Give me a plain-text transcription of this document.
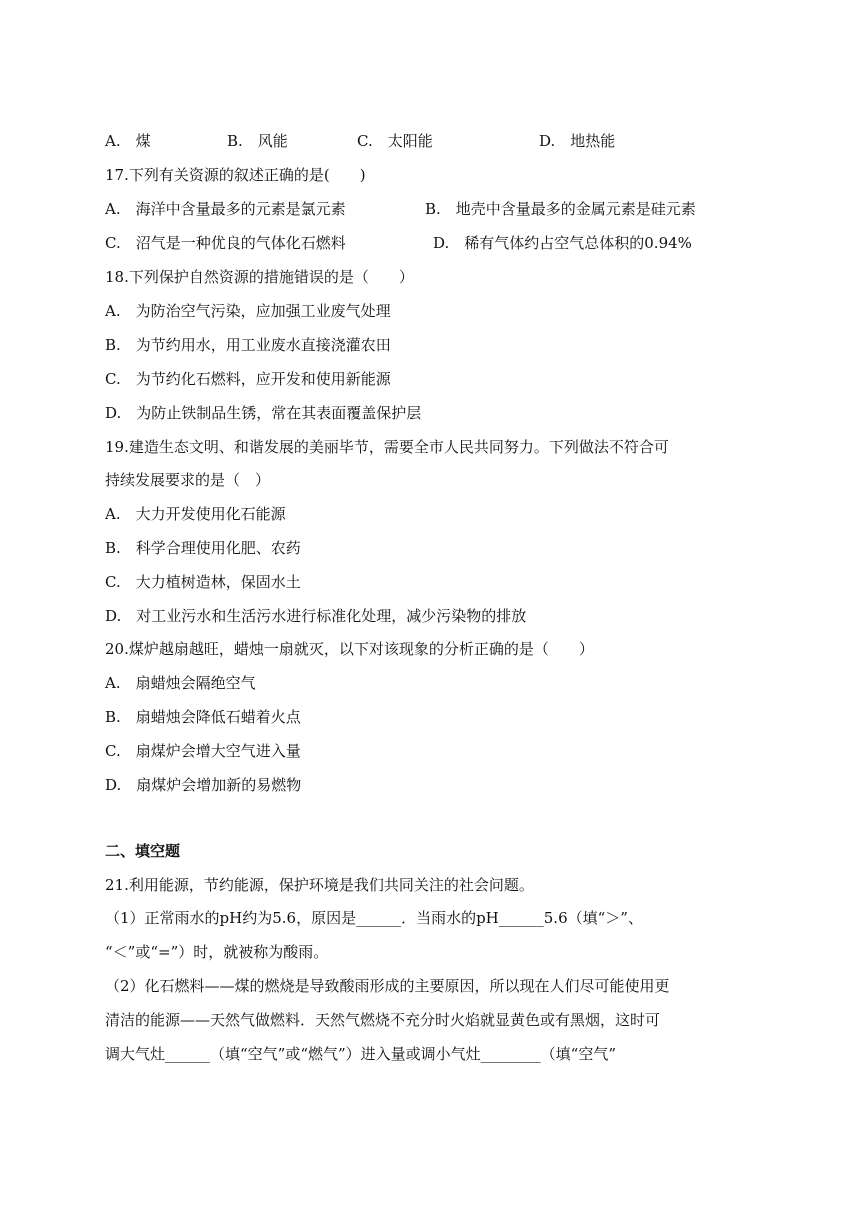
A.　煤	B.　风能	C.　太阳能	D.　地热能
17.下列有关资源的叙述正确的是(　　)
A.　海洋中含量最多的元素是氯元素	B.　地壳中含量最多的金属元素是硅元素
C.　沼气是一种优良的气体化石燃料	D.　稀有气体约占空气总体积的0.94%
18.下列保护自然资源的措施错误的是（　　）
A.　为防治空气污染，应加强工业废气处理
B.　为节约用水，用工业废水直接浇灌农田
C.　为节约化石燃料，应开发和使用新能源
D.　为防止铁制品生锈，常在其表面覆盖保护层
19.建造生态文明、和谐发展的美丽毕节，需要全市人民共同努力。下列做法不符合可
持续发展要求的是（　）
A.　大力开发使用化石能源
B.　科学合理使用化肥、农药
C.　大力植树造林，保固水土
D.　对工业污水和生活污水进行标准化处理，减少污染物的排放
20.煤炉越扇越旺，蜡烛一扇就灭，以下对该现象的分析正确的是（　　）
A.　扇蜡烛会隔绝空气
B.　扇蜡烛会降低石蜡着火点
C.　扇煤炉会增大空气进入量
D.　扇煤炉会增加新的易燃物
二、填空题
21.利用能源，节约能源，保护环境是我们共同关注的社会问题。
（1）正常雨水的pH约为5.6，原因是______．当雨水的pH______5.6（填“＞”、
“＜”或“=”）时，就被称为酸雨。
（2）化石燃料——煤的燃烧是导致酸雨形成的主要原因，所以现在人们尽可能使用更
清洁的能源——天然气做燃料．天然气燃烧不充分时火焰就显黄色或有黑烟，这时可
调大气灶______（填“空气”或“燃气”）进入量或调小气灶________（填“空气”
